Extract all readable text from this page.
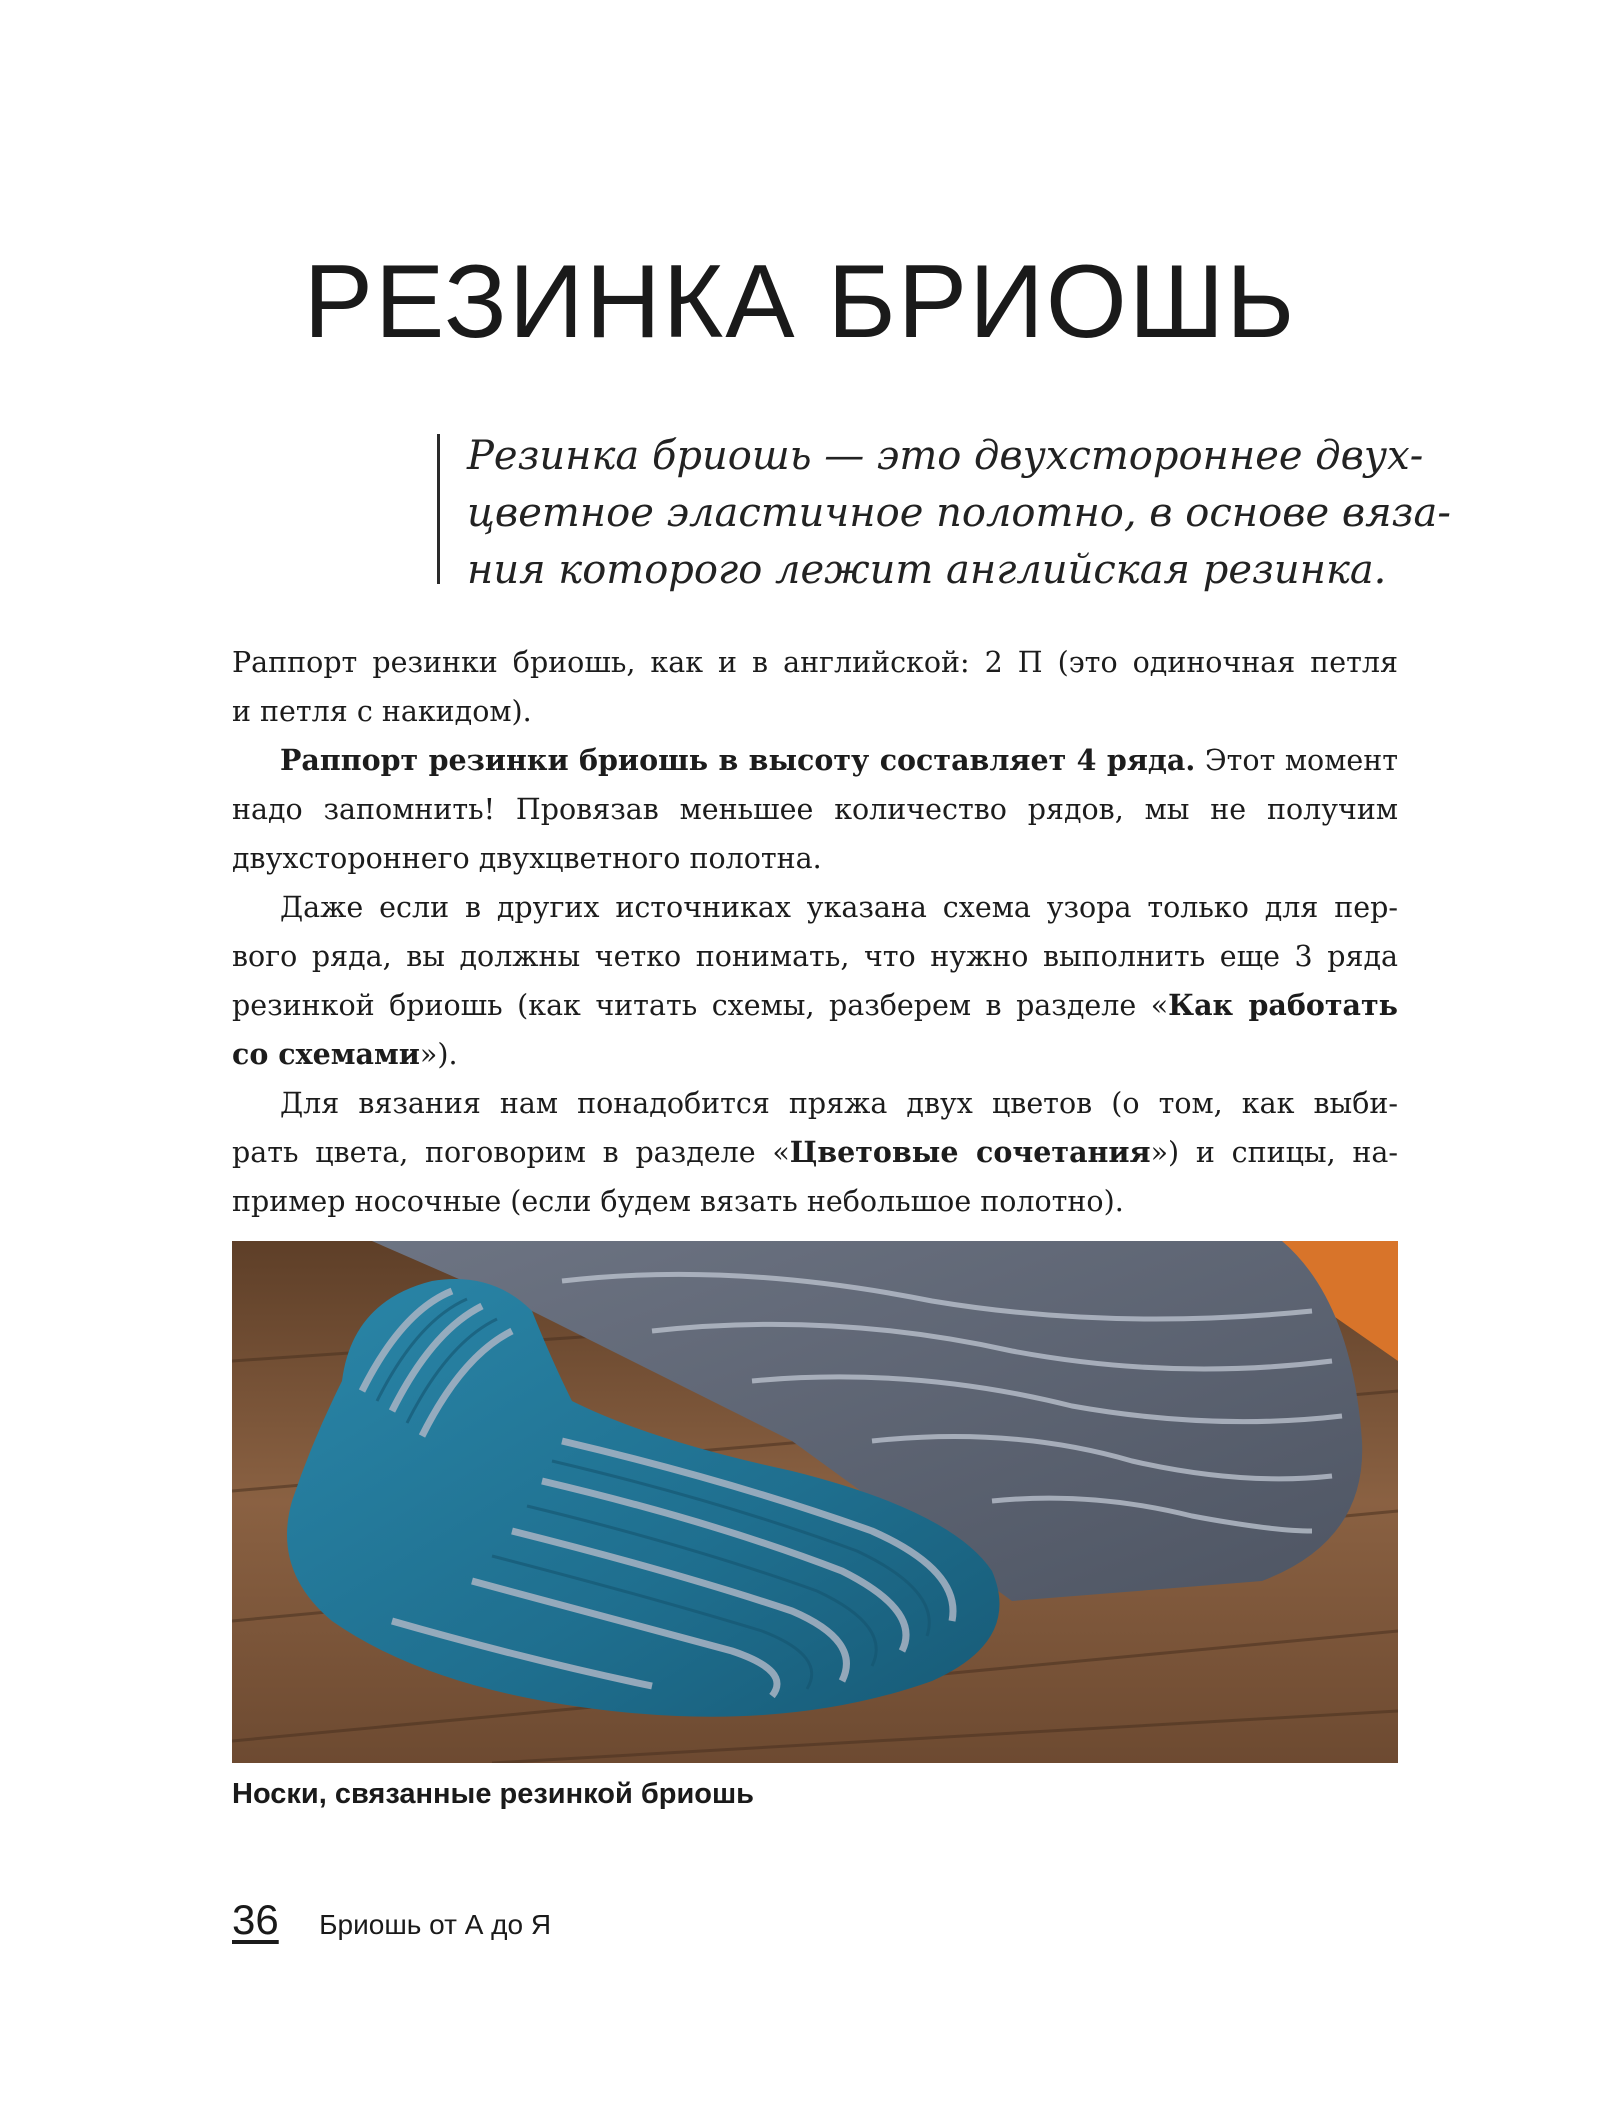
РЕЗИНКА БРИОШЬ

Резинка бриошь — это двухстороннее двух-
цветное эластичное полотно, в основе вяза-
ния которого лежит английская резинка.

Раппорт резинки бриошь, как и в английской: 2 П (это одиночная петля
и петля с накидом).

Раппорт резинки бриошь в высоту составляет 4 ряда. Этот момент
надо запомнить! Провязав меньшее количество рядов, мы не получим
двухстороннего двухцветного полотна.

Даже если в других источниках указана схема узора только для пер-
вого ряда, вы должны четко понимать, что нужно выполнить еще 3 ряда
резинкой бриошь (как читать схемы, разберем в разделе «Как работать
со схемами»).

Для вязания нам понадобится пряжа двух цветов (о том, как выби-
рать цвета, поговорим в разделе «Цветовые сочетания») и спицы, на-
пример носочные (если будем вязать небольшое полотно).

Носки, связанные резинкой бриошь
36 Бриошь от А до Я
